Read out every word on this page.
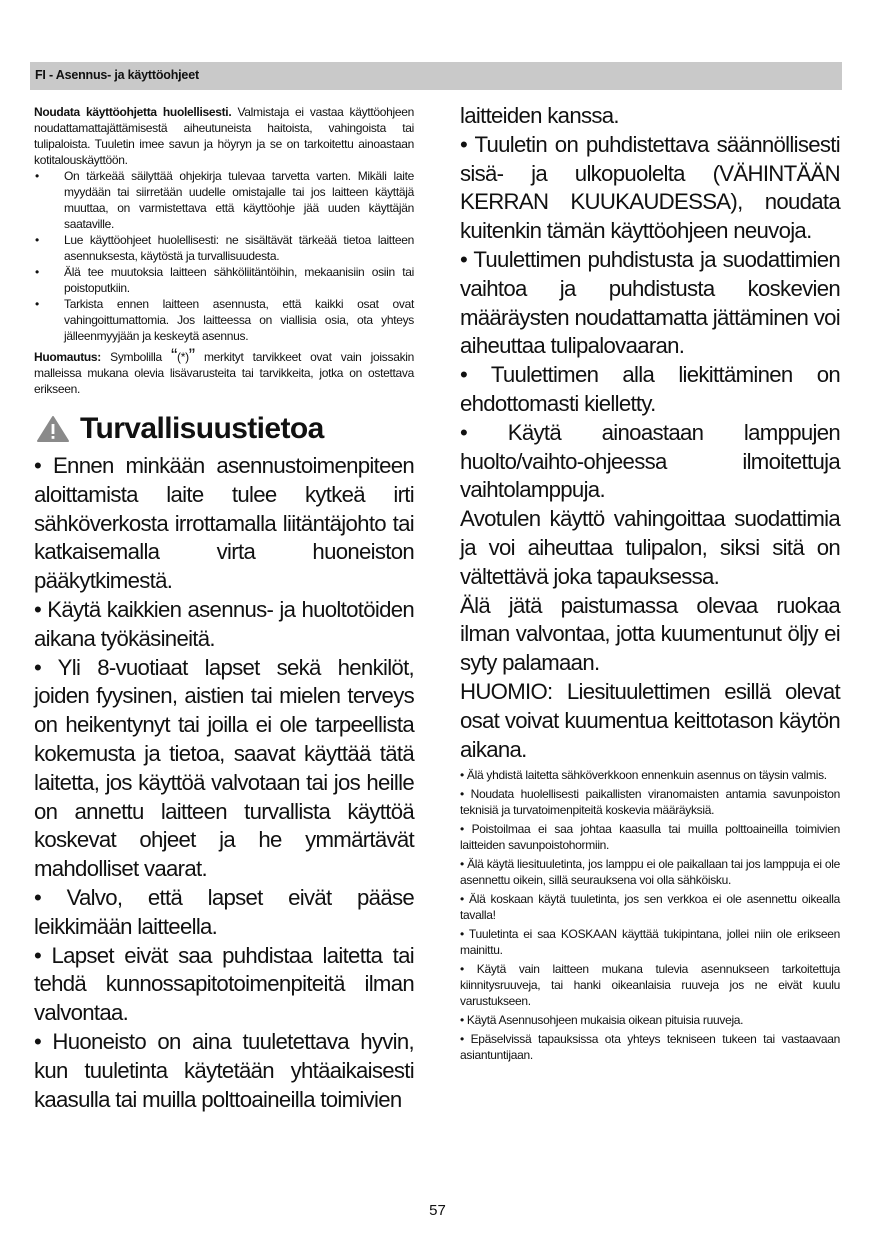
FI - Asennus- ja käyttöohjeet

Noudata käyttöohjetta huolellisesti. Valmistaja ei vastaa käyttöohjeen noudattamattajättämisestä aiheutuneista haitoista, vahingoista tai tulipaloista. Tuuletin imee savun ja höyryn ja se on tarkoitettu ainoastaan kotitalouskäyttöön.

• On tärkeää säilyttää ohjekirja tulevaa tarvetta varten. Mikäli laite myydään tai siirretään uudelle omistajalle tai jos laitteen käyttäjä muuttaa, on varmistettava että käyttöohje jää uuden käyttäjän saataville.
• Lue käyttöohjeet huolellisesti: ne sisältävät tärkeää tietoa laitteen asennuksesta, käytöstä ja turvallisuudesta.
• Älä tee muutoksia laitteen sähköliitäntöihin, mekaanisiin osiin tai poistoputkiin.
• Tarkista ennen laitteen asennusta, että kaikki osat ovat vahingoittumattomia. Jos laitteessa on viallisia osia, ota yhteys jälleenmyyjään ja keskeytä asennus.

Huomautus: Symbolilla “(*)” merkityt tarvikkeet ovat vain joissakin malleissa mukana olevia lisävarusteita tai tarvikkeita, jotka on ostettava erikseen.

Turvallisuustietoa

• Ennen minkään asennustoimenpiteen aloittamista laite tulee kytkeä irti sähköverkosta irrottamalla liitäntäjohto tai katkaisemalla virta huoneiston pääkytkimestä.

• Käytä kaikkien asennus- ja huoltotöiden aikana työkäsineitä.

• Yli 8-vuotiaat lapset sekä henkilöt, joiden fyysinen, aistien tai mielen terveys on heikentynyt tai joilla ei ole tarpeellista kokemusta ja tietoa, saavat käyttää tätä laitetta, jos käyttöä valvotaan tai jos heille on annettu laitteen turvallista käyttöä koskevat ohjeet ja he ymmärtävät mahdolliset vaarat.

• Valvo, että lapset eivät pääse leikkimään laitteella.

• Lapset eivät saa puhdistaa laitetta tai tehdä kunnossapitotoimenpiteitä ilman valvontaa.

• Huoneisto on aina tuuletettava hyvin, kun tuuletinta käytetään yhtäaikaisesti kaasulla tai muilla polttoaineilla toimivien

laitteiden kanssa.

• Tuuletin on puhdistettava säännöllisesti sisä- ja ulkopuolelta (VÄHINTÄÄN KERRAN KUUKAUDESSA), noudata kuitenkin tämän käyttöohjeen neuvoja.

• Tuulettimen puhdistusta ja suodattimien vaihtoa ja puhdistusta koskevien määräysten noudattamatta jättäminen voi aiheuttaa tulipalovaaran.

• Tuulettimen alla liekittäminen on ehdottomasti kielletty.

• Käytä ainoastaan lamppujen huolto/vaihto-ohjeessa ilmoitettuja vaihtolamppuja.

Avotulen käyttö vahingoittaa suodattimia ja voi aiheuttaa tulipalon, siksi sitä on vältettävä joka tapauksessa.

Älä jätä paistumassa olevaa ruokaa ilman valvontaa, jotta kuumentunut öljy ei syty palamaan.

HUOMIO: Liesituulettimen esillä olevat osat voivat kuumentua keittotason käytön aikana.

• Älä yhdistä laitetta sähköverkkoon ennenkuin asennus on täysin valmis.

• Noudata huolellisesti paikallisten viranomaisten antamia savunpoiston teknisiä ja turvatoimenpiteitä koskevia määräyksiä.

• Poistoilmaa ei saa johtaa kaasulla tai muilla polttoaineilla toimivien laitteiden savunpoistohormiin.

• Älä käytä liesituuletinta, jos lamppu ei ole paikallaan tai jos lamppuja ei ole asennettu oikein, sillä seurauksena voi olla sähköisku.

• Älä koskaan käytä tuuletinta, jos sen verkkoa ei ole asennettu oikealla tavalla!

• Tuuletinta ei saa KOSKAAN käyttää tukipintana, jollei niin ole erikseen mainittu.

• Käytä vain laitteen mukana tulevia asennukseen tarkoitettuja kiinnitysruuveja, tai hanki oikeanlaisia ruuveja jos ne eivät kuulu varustukseen.

• Käytä Asennusohjeen mukaisia oikean pituisia ruuveja.

• Epäselvissä tapauksissa ota yhteys tekniseen tukeen tai vastaavaan asiantuntijaan.

57
